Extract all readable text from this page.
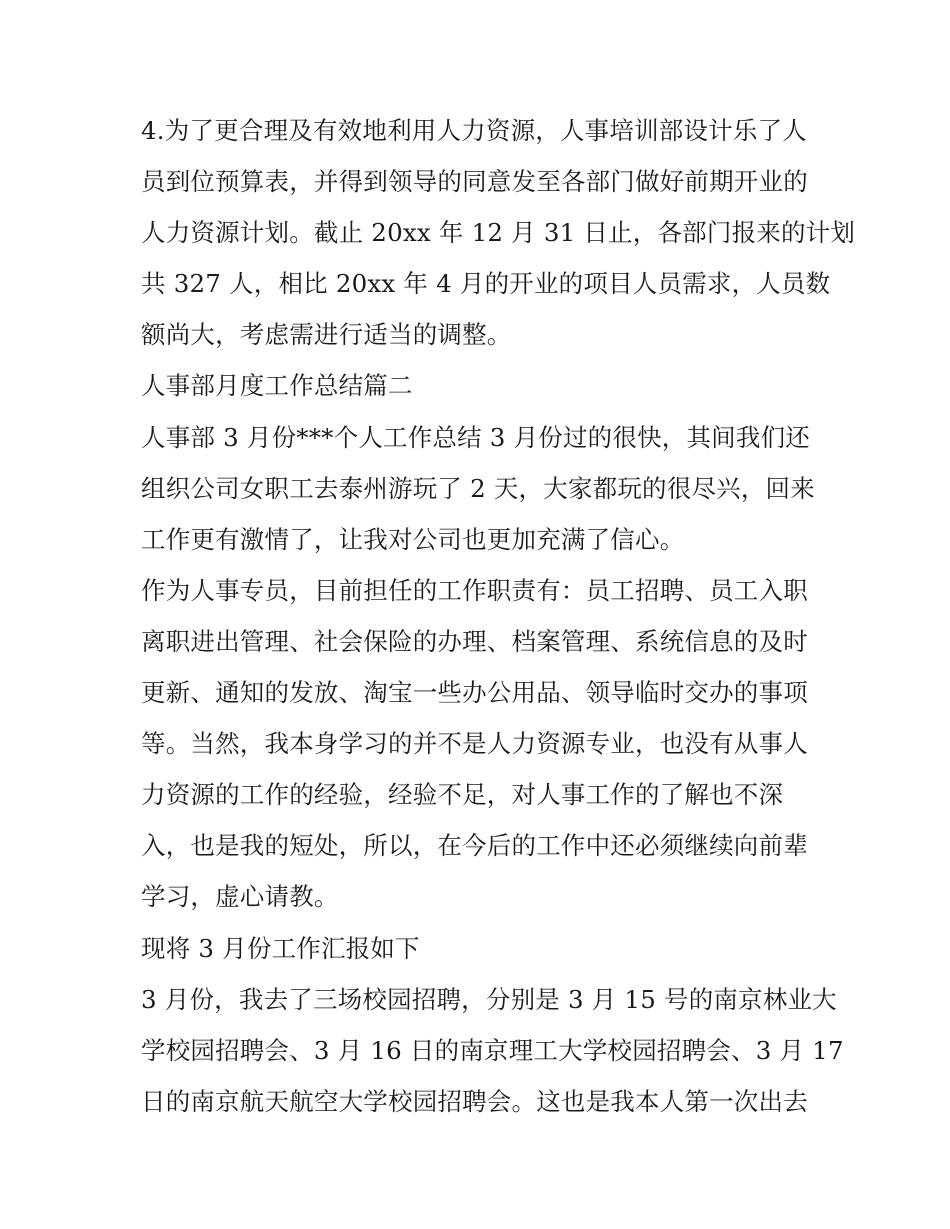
4.为了更合理及有效地利用人力资源，人事培训部设计乐了人
员到位预算表，并得到领导的同意发至各部门做好前期开业的
人力资源计划。截止 20xx 年 12 月 31 日止，各部门报来的计划
共 327 人，相比 20xx 年 4 月的开业的项目人员需求，人员数
额尚大，考虑需进行适当的调整。
人事部月度工作总结篇二
人事部 3 月份***个人工作总结 3 月份过的很快，其间我们还
组织公司女职工去泰州游玩了 2 天，大家都玩的很尽兴，回来
工作更有激情了，让我对公司也更加充满了信心。
作为人事专员，目前担任的工作职责有：员工招聘、员工入职
离职进出管理、社会保险的办理、档案管理、系统信息的及时
更新、通知的发放、淘宝一些办公用品、领导临时交办的事项
等。当然，我本身学习的并不是人力资源专业，也没有从事人
力资源的工作的经验，经验不足，对人事工作的了解也不深
入，也是我的短处，所以，在今后的工作中还必须继续向前辈
学习，虚心请教。
现将 3 月份工作汇报如下
3 月份，我去了三场校园招聘，分别是 3 月 15 号的南京林业大
学校园招聘会、3 月 16 日的南京理工大学校园招聘会、3 月 17
日的南京航天航空大学校园招聘会。这也是我本人第一次出去
